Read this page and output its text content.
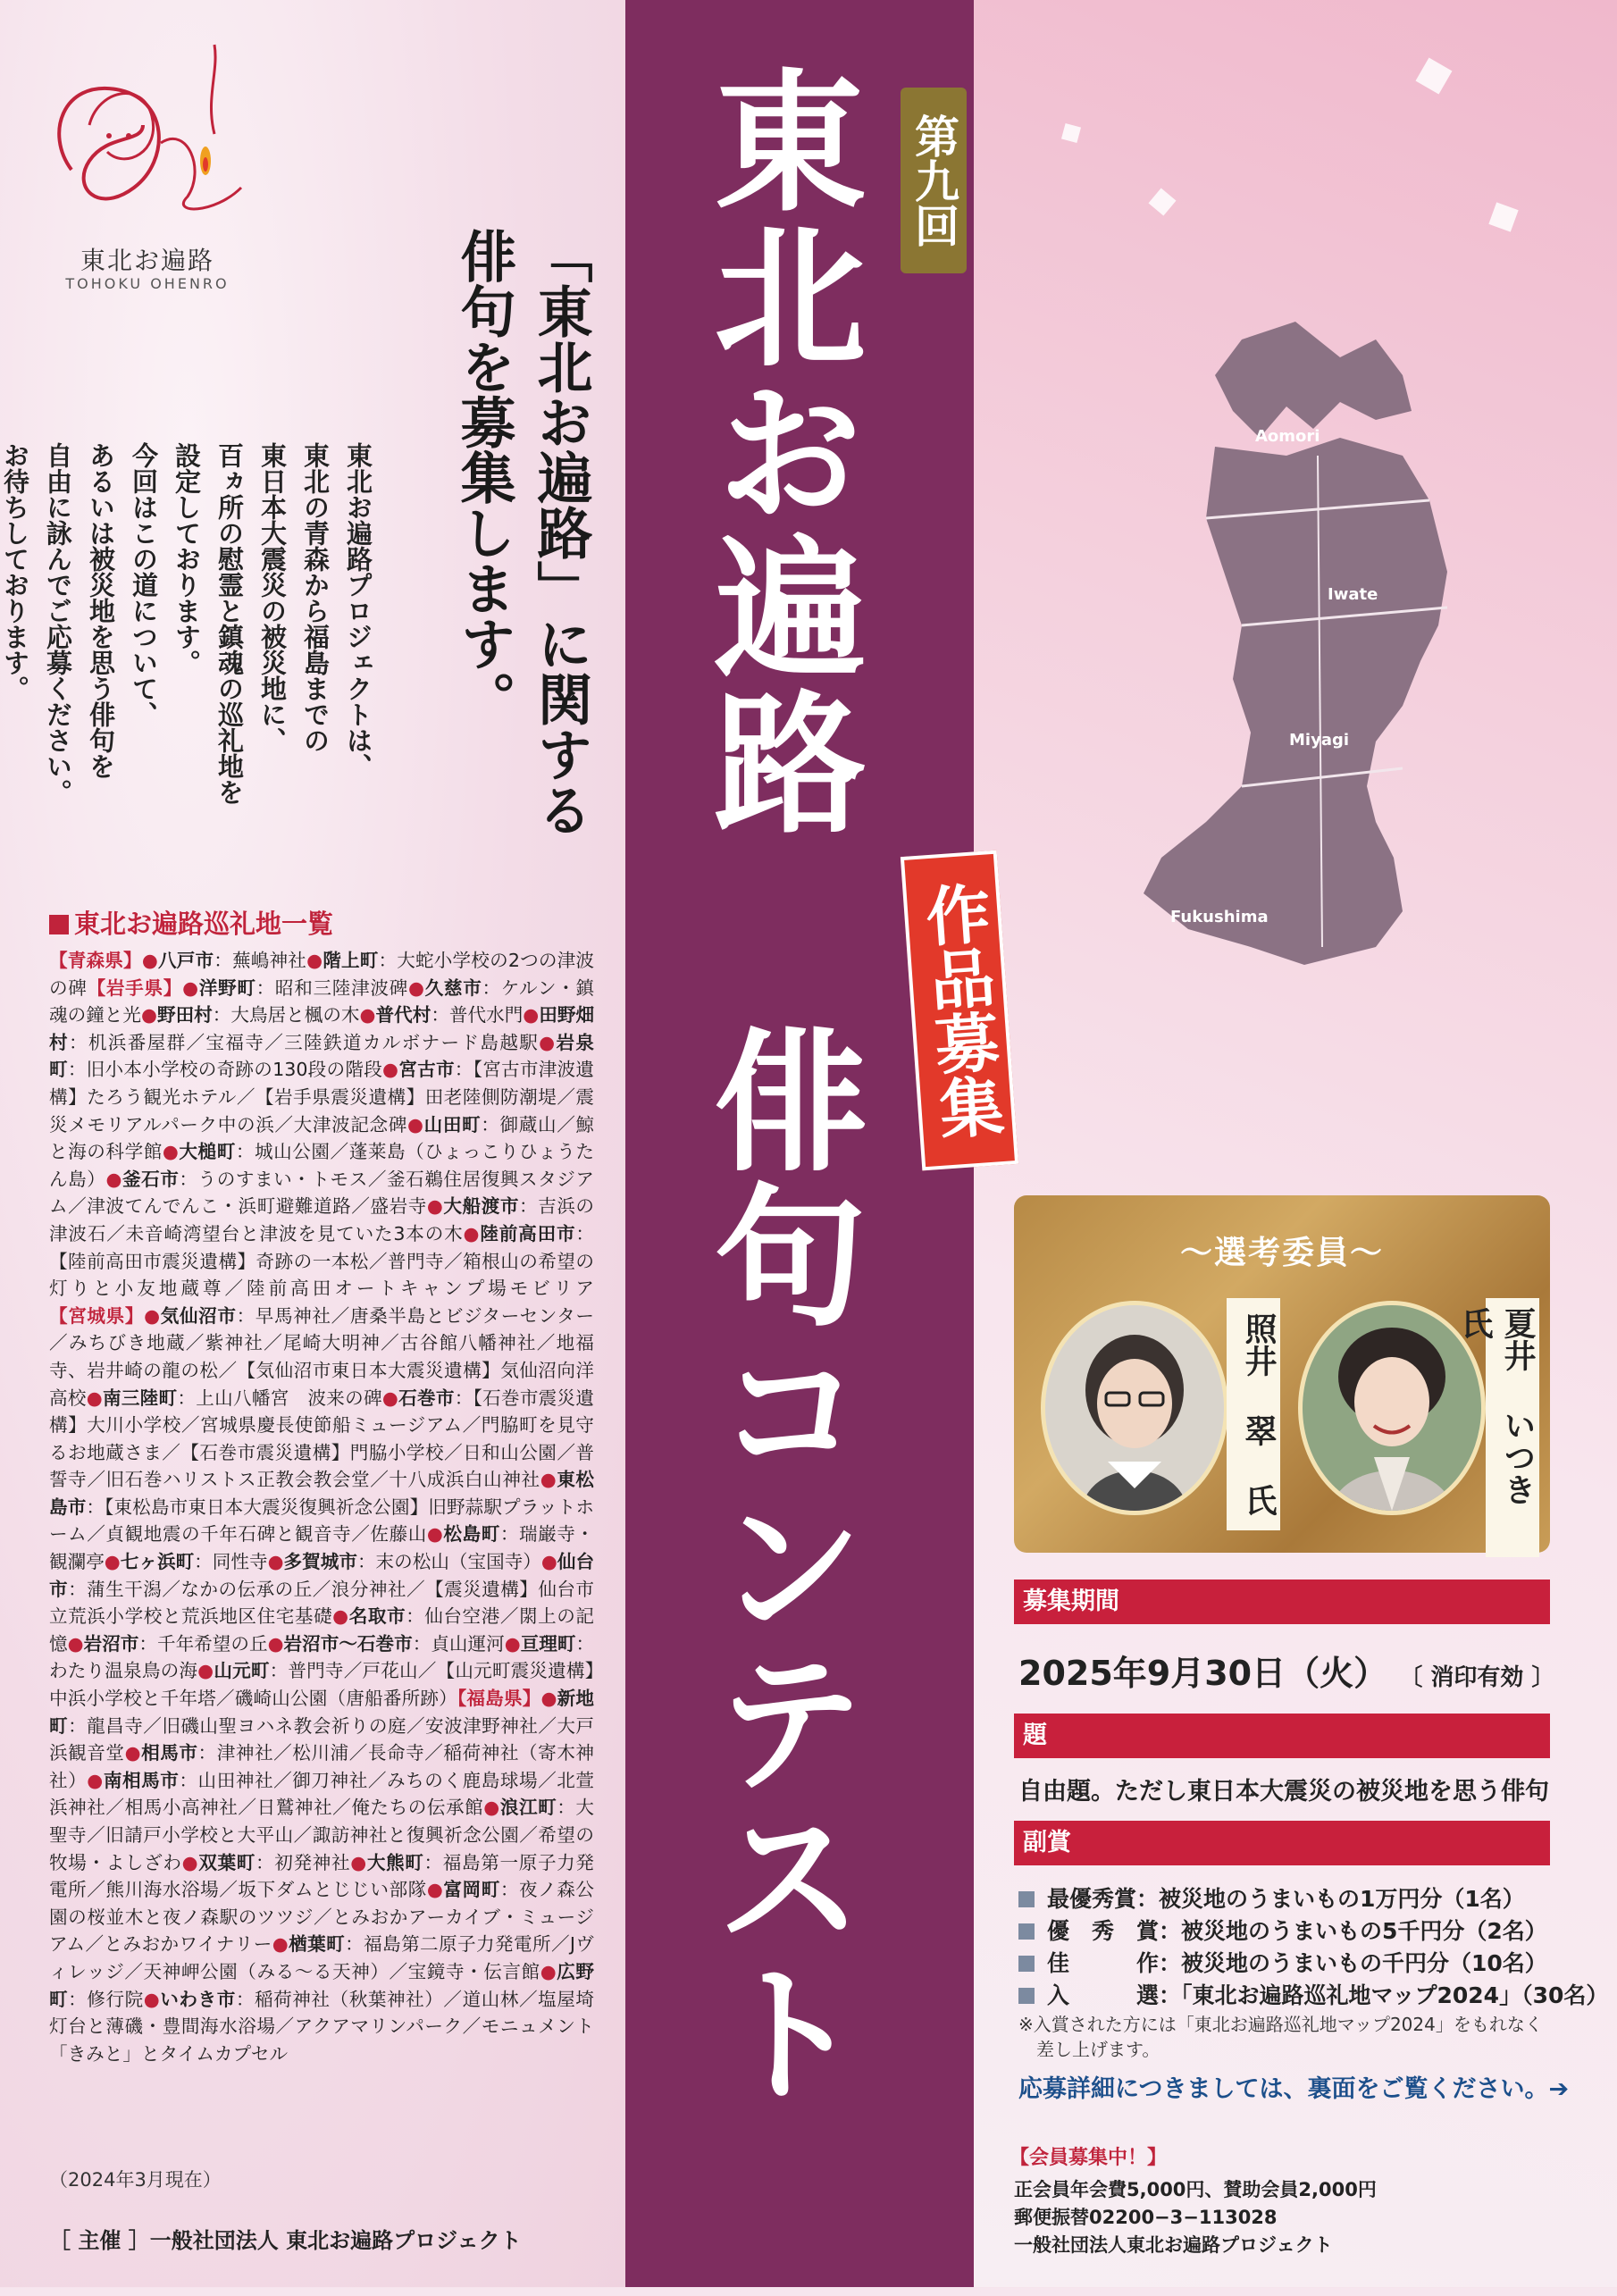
東北お遍路
TOHOKU OHENRO	「東北お遍路」に関する
俳句を募集します。
東北お遍路プロジェクトは、
東北の青森から福島までの
東日本大震災の被災地に、
百ヵ所の慰霊と鎮魂の巡礼地を
設定しております。
今回はこの道について、
あるいは被災地を思う俳句を
自由に詠んでご応募ください。
お待ちしております。
東北お遍路巡礼地一覧
【青森県】●八戸市：蕪嶋神社●階上町：大蛇小学校の2つの津波の碑【岩手県】●洋野町：昭和三陸津波碑●久慈市：ケルン・鎮魂の鐘と光●野田村：大鳥居と楓の木●普代村：普代水門●田野畑村：机浜番屋群／宝福寺／三陸鉄道カルボナード島越駅●岩泉町：旧小本小学校の奇跡の130段の階段●宮古市：【宮古市津波遺構】たろう観光ホテル／【岩手県震災遺構】田老陸側防潮堤／震災メモリアルパーク中の浜／大津波記念碑●山田町：御蔵山／鯨と海の科学館●大槌町：城山公園／蓬莱島（ひょっこりひょうたん島）●釜石市：うのすまい・トモス／釜石鵜住居復興スタジアム／津波てんでんこ・浜町避難道路／盛岩寺●大船渡市：吉浜の津波石／未音崎湾望台と津波を見ていた3本の木●陸前高田市：【陸前高田市震災遺構】奇跡の一本松／普門寺／箱根山の希望の灯りと小友地蔵尊／陸前高田オートキャンプ場モビリア【宮城県】●気仙沼市：早馬神社／唐桑半島とビジターセンター／みちびき地蔵／紫神社／尾崎大明神／古谷館八幡神社／地福寺、岩井崎の龍の松／【気仙沼市東日本大震災遺構】気仙沼向洋高校●南三陸町：上山八幡宮　波来の碑●石巻市：【石巻市震災遺構】大川小学校／宮城県慶長使節船ミュージアム／門脇町を見守るお地蔵さま／【石巻市震災遺構】門脇小学校／日和山公園／普誓寺／旧石巻ハリストス正教会教会堂／十八成浜白山神社●東松島市：【東松島市東日本大震災復興祈念公園】旧野蒜駅プラットホーム／貞観地震の千年石碑と観音寺／佐藤山●松島町：瑞巌寺・観瀾亭●七ヶ浜町：同性寺●多賀城市：末の松山（宝国寺）●仙台市：蒲生干潟／なかの伝承の丘／浪分神社／【震災遺構】仙台市立荒浜小学校と荒浜地区住宅基礎●名取市：仙台空港／閖上の記憶●岩沼市：千年希望の丘●岩沼市～石巻市：貞山運河●亘理町：わたり温泉鳥の海●山元町：普門寺／戸花山／【山元町震災遺構】中浜小学校と千年塔／磯崎山公園（唐船番所跡）【福島県】●新地町：龍昌寺／旧磯山聖ヨハネ教会祈りの庭／安波津野神社／大戸浜観音堂●相馬市：津神社／松川浦／長命寺／稲荷神社（寄木神社）●南相馬市：山田神社／御刀神社／みちのく鹿島球場／北萱浜神社／相馬小高神社／日鷲神社／俺たちの伝承館●浪江町：大聖寺／旧請戸小学校と大平山／諏訪神社と復興祈念公園／希望の牧場・よしざわ●双葉町：初発神社●大熊町：福島第一原子力発電所／熊川海水浴場／坂下ダムとじじい部隊●富岡町：夜ノ森公園の桜並木と夜ノ森駅のツツジ／とみおかアーカイブ・ミュージアム／とみおかワイナリー●楢葉町：福島第二原子力発電所／Jヴィレッジ／天神岬公園（みる～る天神）／宝鏡寺・伝言館●広野町：修行院●いわき市：稲荷神社（秋葉神社）／道山林／塩屋埼灯台と薄磯・豊間海水浴場／アクアマリンパーク／モニュメント「きみと」とタイムカプセル
（2024年3月現在）
［ 主催 ］一般社団法人 東北お遍路プロジェクト
第九回
東北お遍路 俳句コンテスト 作品募集
Aomori
Iwate
Miyagi
Fukushima
～選考委員～
照井 翠 氏	夏井 いつき 氏
募集期間
2025年9月30日（火） 〔 消印有効 〕
題
自由題。ただし東日本大震災の被災地を思う俳句
副賞
最優秀賞：被災地のうまいもの1万円分（1名）
優　秀　賞：被災地のうまいもの5千円分（2名）
佳　　　作：被災地のうまいもの千円分（10名）
入　　　選：「東北お遍路巡礼地マップ2024」（30名）
※入賞された方には「東北お遍路巡礼地マップ2024」をもれなく
　差し上げます。
応募詳細につきましては、裏面をご覧ください。➔
【会員募集中！】
正会員年会費5,000円、賛助会員2,000円
郵便振替02200−3−113028
一般社団法人東北お遍路プロジェクト
